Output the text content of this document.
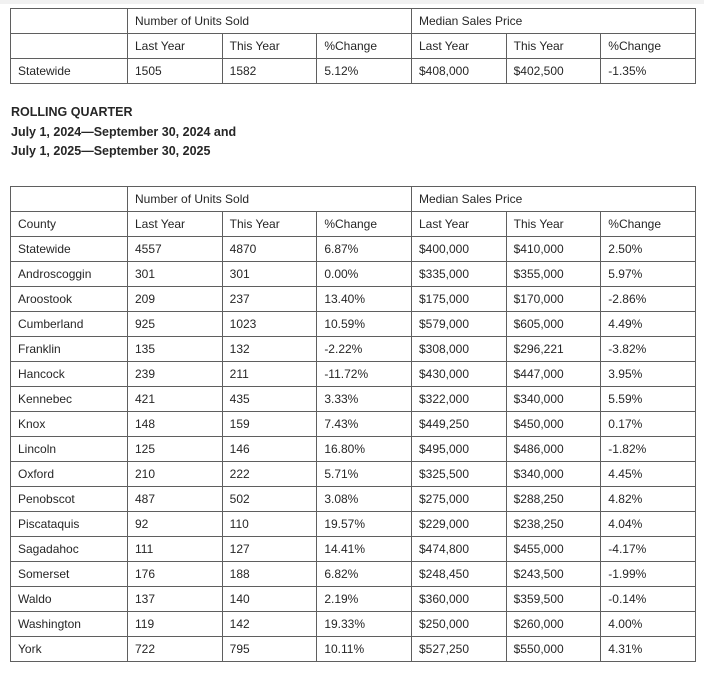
	Number of Units Sold			Median Sales Price		
	Last Year	This Year	%Change	Last Year	This Year	%Change
Statewide	1505	1582	5.12%	$408,000	$402,500	-1.35%
ROLLING QUARTER
July 1, 2024—September 30, 2024 and
July 1, 2025—September 30, 2025
	Number of Units Sold			Median Sales Price		
County	Last Year	This Year	%Change	Last Year	This Year	%Change
Statewide	4557	4870	6.87%	$400,000	$410,000	2.50%
Androscoggin	301	301	0.00%	$335,000	$355,000	5.97%
Aroostook	209	237	13.40%	$175,000	$170,000	-2.86%
Cumberland	925	1023	10.59%	$579,000	$605,000	4.49%
Franklin	135	132	-2.22%	$308,000	$296,221	-3.82%
Hancock	239	211	-11.72%	$430,000	$447,000	3.95%
Kennebec	421	435	3.33%	$322,000	$340,000	5.59%
Knox	148	159	7.43%	$449,250	$450,000	0.17%
Lincoln	125	146	16.80%	$495,000	$486,000	-1.82%
Oxford	210	222	5.71%	$325,500	$340,000	4.45%
Penobscot	487	502	3.08%	$275,000	$288,250	4.82%
Piscataquis	92	110	19.57%	$229,000	$238,250	4.04%
Sagadahoc	111	127	14.41%	$474,800	$455,000	-4.17%
Somerset	176	188	6.82%	$248,450	$243,500	-1.99%
Waldo	137	140	2.19%	$360,000	$359,500	-0.14%
Washington	119	142	19.33%	$250,000	$260,000	4.00%
York	722	795	10.11%	$527,250	$550,000	4.31%
